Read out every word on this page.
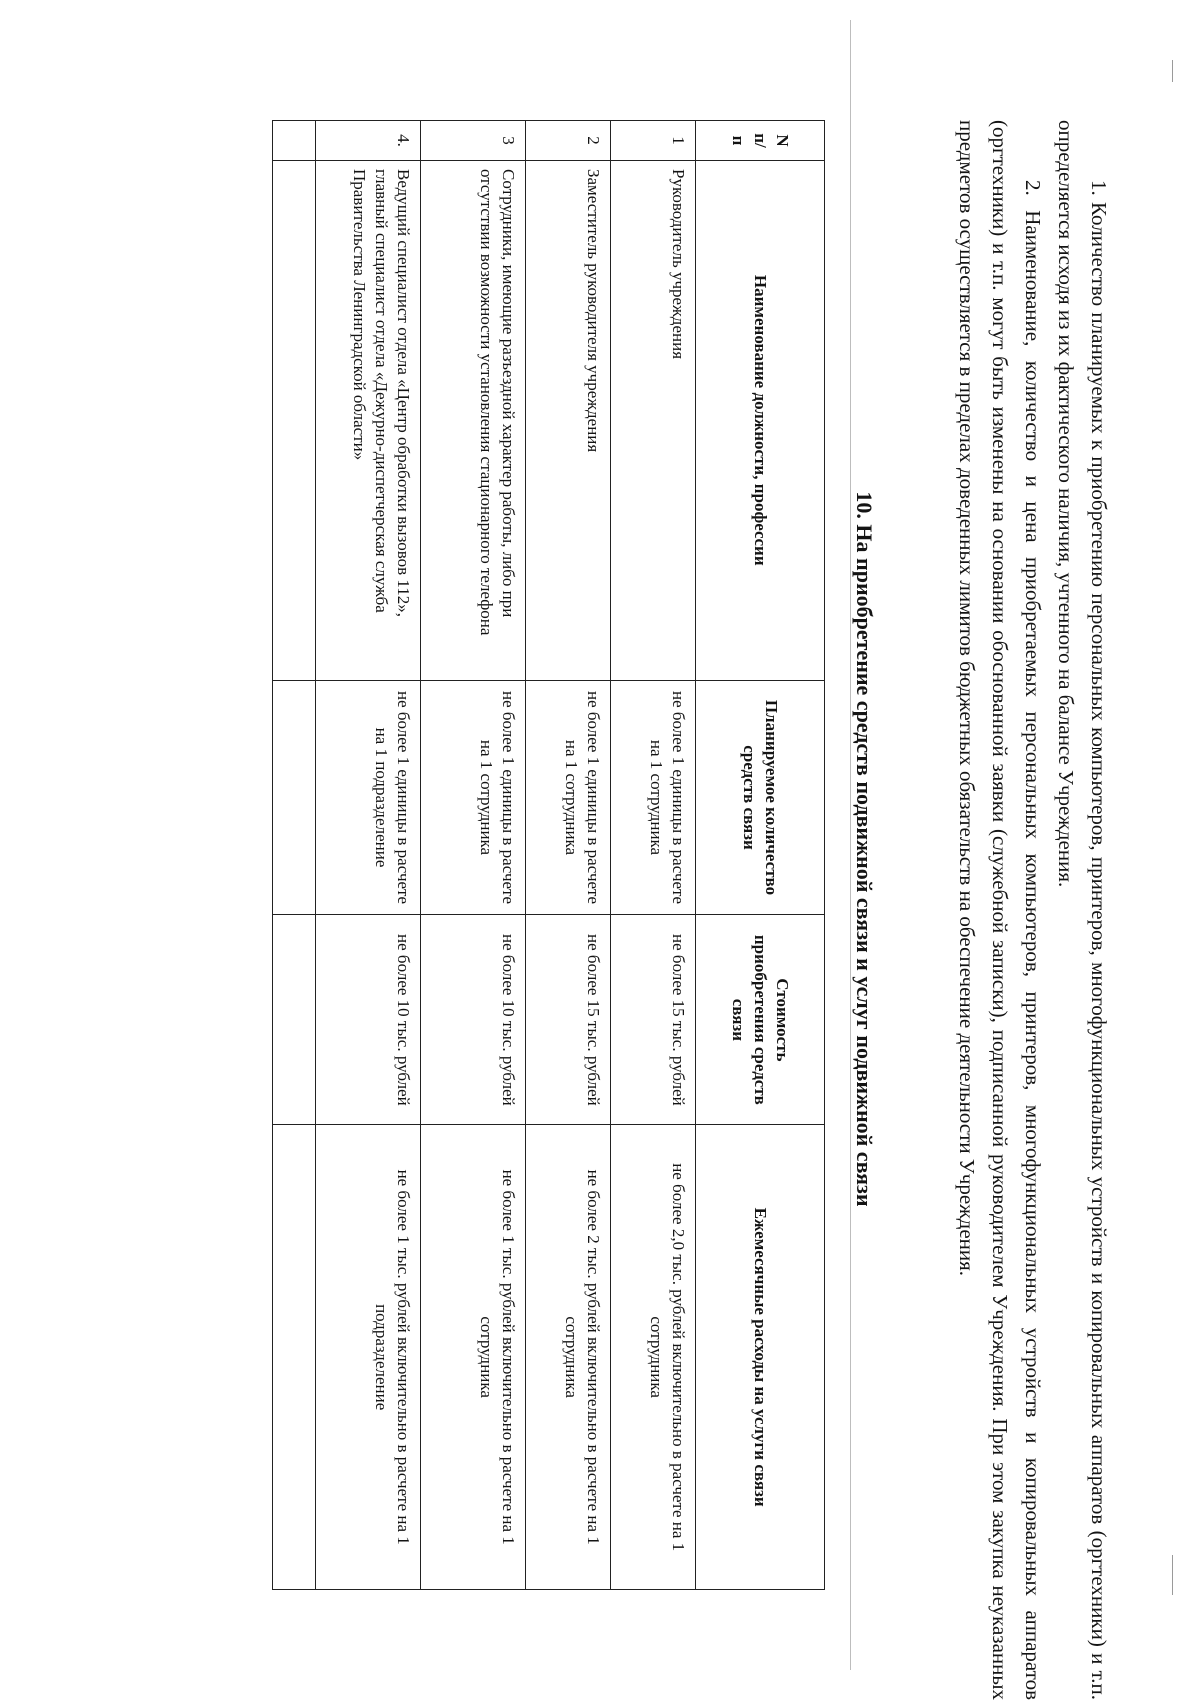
1. Количество планируемых к приобретению персональных компьютеров, принтеров, многофункциональных устройств и копировальных аппаратов (оргтехники) и т.п. определяется исходя из их фактического наличия, учтенного на балансе Учреждения.

2. Наименование, количество и цена приобретаемых персональных компьютеров, принтеров, многофункциональных устройств и копировальных аппаратов (оргтехники) и т.п. могут быть изменены на основании обоснованной заявки (служебной записки), подписанной руководителем Учреждения. При этом закупка неуказанных предметов осуществляется в пределах доведенных лимитов бюджетных обязательств на обеспечение деятельности Учреждения.

10. На приобретение средств подвижной связи и услуг подвижной связи
N п/п	Наименование должности, профессии	Планируемое количество средств связи	Стоимость приобретения средств связи	Ежемесячные расходы на услуги связи
1	Руководитель учреждения	не более 1 единицы в расчете на 1 сотрудника	не более 15 тыс. рублей	не более 2,0 тыс. рублей включительно в расчете на 1 сотрудника
2	Заместитель руководителя учреждения	не более 1 единицы в расчете на 1 сотрудника	не более 15 тыс. рублей	не более 2 тыс. рублей включительно в расчете на 1 сотрудника
3	Сотрудники, имеющие разъездной характер работы, либо при отсутствии возможности установления стационарного телефона	не более 1 единицы в расчете на 1 сотрудника	не более 10 тыс. рублей	не более 1 тыс. рублей включительно в расчете на 1 сотрудника
4.	Ведущий специалист отдела «Центр обработки вызовов 112», главный специалист отдела «Дежурно-диспетчерская служба Правительства Ленинградской области»	не более 1 единицы в расчете на 1 подразделение	не более 10 тыс. рублей	не более 1 тыс. рублей включительно в расчете на 1 подразделение
